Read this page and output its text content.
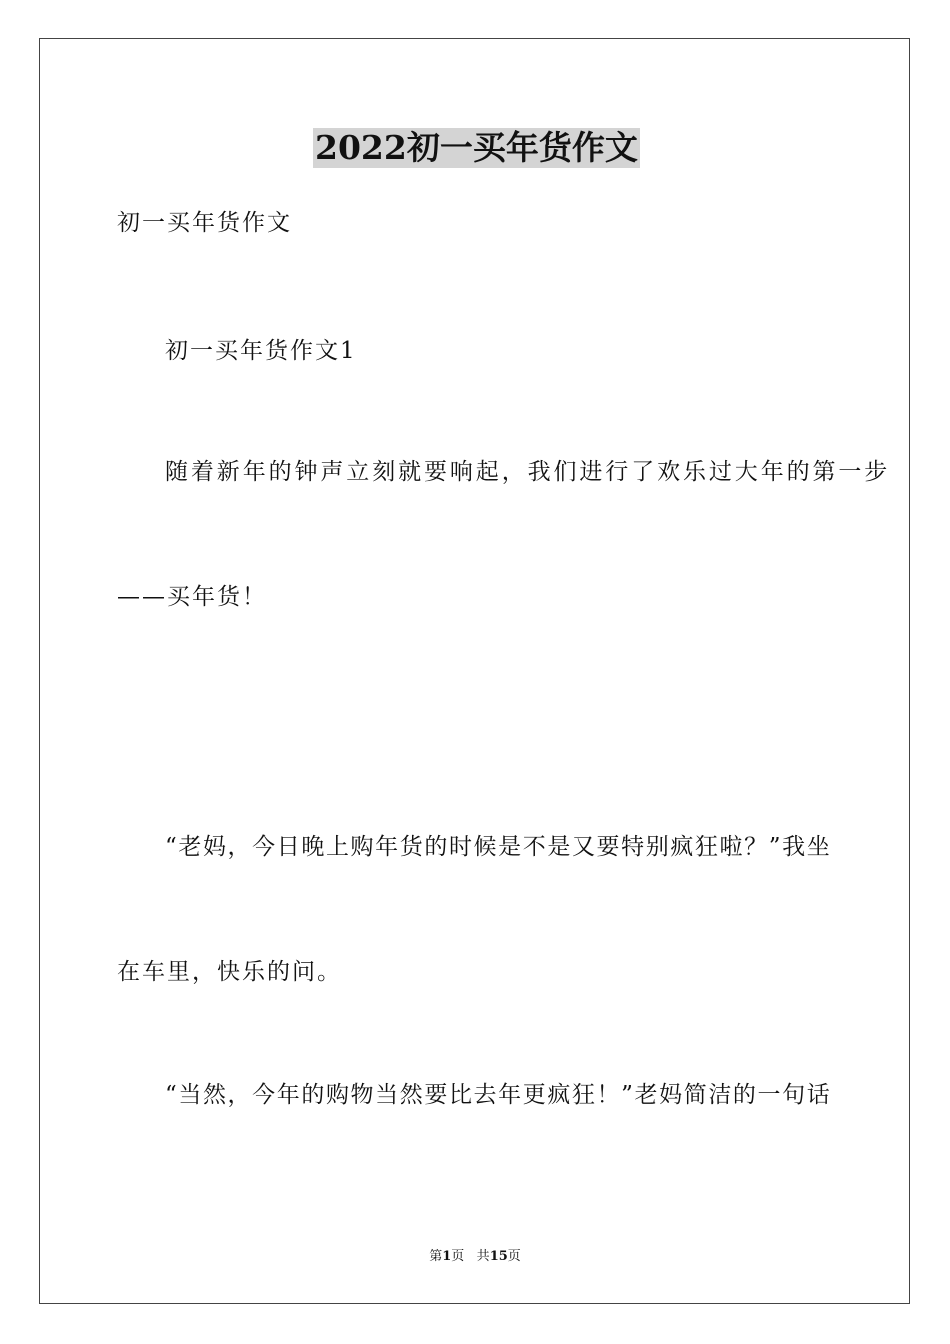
2022初一买年货作文
初一买年货作文
初一买年货作文1
随着新年的钟声立刻就要响起，我们进行了欢乐过大年的第一步
——买年货！
“老妈，今日晚上购年货的时候是不是又要特别疯狂啦？”我坐
在车里，快乐的问。
“当然，今年的购物当然要比去年更疯狂！”老妈简洁的一句话
第1页 共15页
